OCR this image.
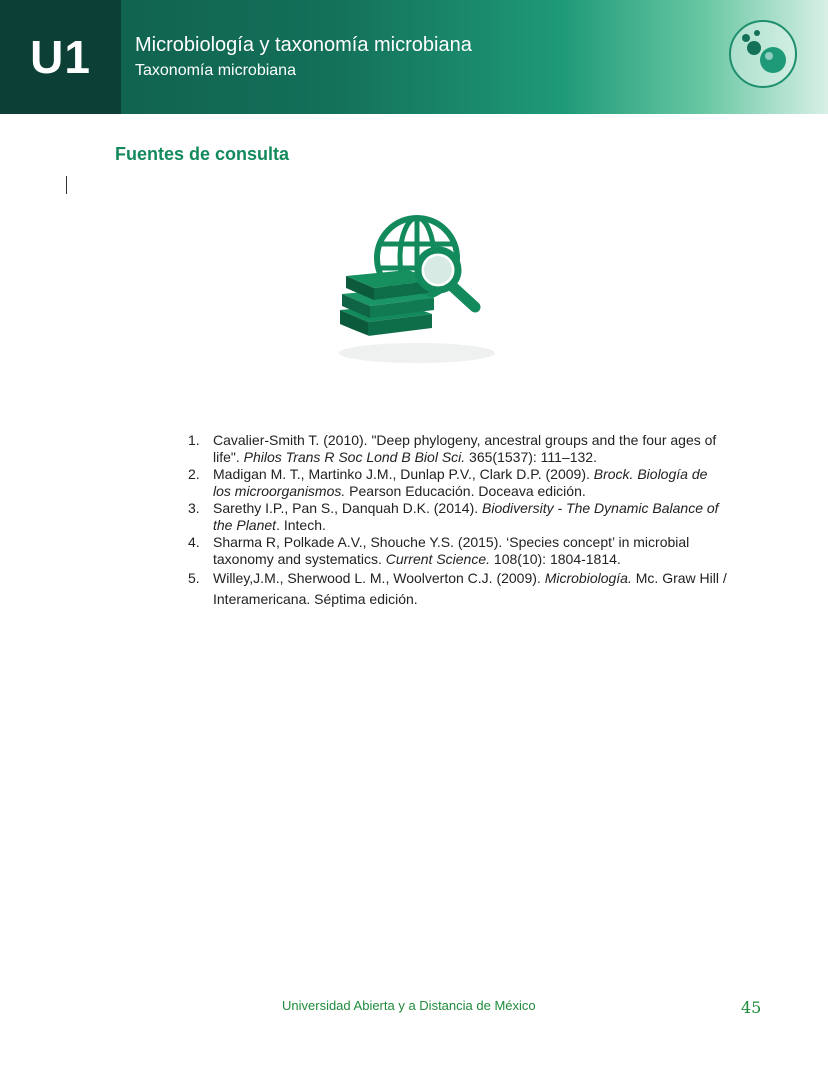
U1 Microbiología y taxonomía microbiana
Taxonomía microbiana
Fuentes de consulta
1. Cavalier-Smith T. (2010). "Deep phylogeny, ancestral groups and the four ages of life". Philos Trans R Soc Lond B Biol Sci. 365(1537): 111–132.
2. Madigan M. T., Martinko J.M., Dunlap P.V., Clark D.P. (2009). Brock. Biología de los microorganismos. Pearson Educación. Doceava edición.
3. Sarethy I.P., Pan S., Danquah D.K. (2014). Biodiversity - The Dynamic Balance of the Planet. Intech.
4. Sharma R, Polkade A.V., Shouche Y.S. (2015). ‘Species concept’ in microbial taxonomy and systematics. Current Science. 108(10): 1804-1814.
5. Willey,J.M., Sherwood L. M., Woolverton C.J. (2009). Microbiología. Mc. Graw Hill / Interamericana. Séptima edición.
Universidad Abierta y a Distancia de México	45
